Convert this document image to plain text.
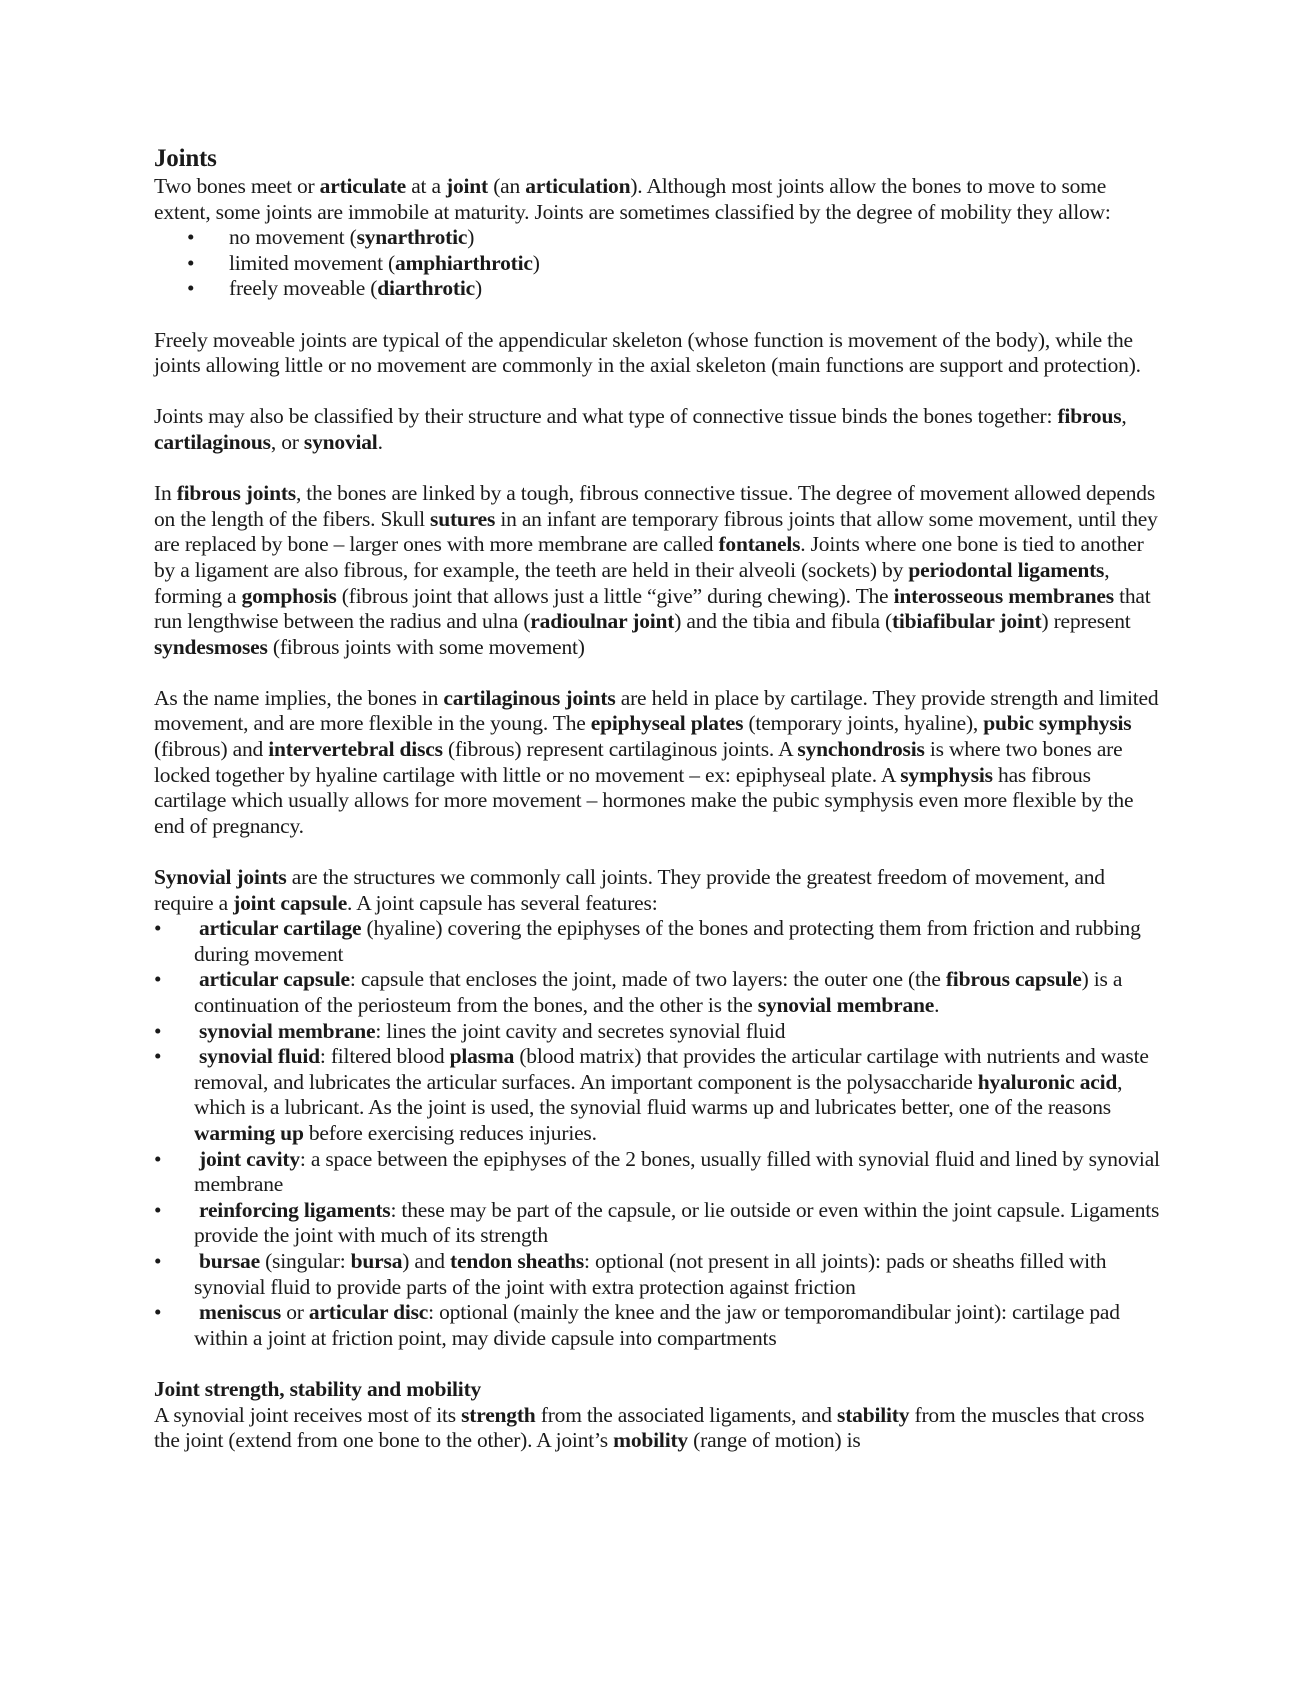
Joints

Two bones meet or articulate at a joint (an articulation). Although most joints allow the bones to move to some extent, some joints are immobile at maturity. Joints are sometimes classified by the degree of mobility they allow:

• no movement (synarthrotic)
• limited movement (amphiarthrotic)
• freely moveable (diarthrotic)

Freely moveable joints are typical of the appendicular skeleton (whose function is movement of the body), while the joints allowing little or no movement are commonly in the axial skeleton (main functions are support and protection).

Joints may also be classified by their structure and what type of connective tissue binds the bones together: fibrous, cartilaginous, or synovial.

In fibrous joints, the bones are linked by a tough, fibrous connective tissue. The degree of movement allowed depends on the length of the fibers. Skull sutures in an infant are temporary fibrous joints that allow some movement, until they are replaced by bone – larger ones with more membrane are called fontanels. Joints where one bone is tied to another by a ligament are also fibrous, for example, the teeth are held in their alveoli (sockets) by periodontal ligaments, forming a gomphosis (fibrous joint that allows just a little “give” during chewing). The interosseous membranes that run lengthwise between the radius and ulna (radioulnar joint) and the tibia and fibula (tibiafibular joint) represent syndesmoses (fibrous joints with some movement)

As the name implies, the bones in cartilaginous joints are held in place by cartilage. They provide strength and limited movement, and are more flexible in the young. The epiphyseal plates (temporary joints, hyaline), pubic symphysis (fibrous) and intervertebral discs (fibrous) represent cartilaginous joints. A synchondrosis is where two bones are locked together by hyaline cartilage with little or no movement – ex: epiphyseal plate. A symphysis has fibrous cartilage which usually allows for more movement – hormones make the pubic symphysis even more flexible by the end of pregnancy.

Synovial joints are the structures we commonly call joints. They provide the greatest freedom of movement, and require a joint capsule. A joint capsule has several features:

• articular cartilage (hyaline) covering the epiphyses of the bones and protecting them from friction and rubbing during movement
• articular capsule: capsule that encloses the joint, made of two layers: the outer one (the fibrous capsule) is a continuation of the periosteum from the bones, and the other is the synovial membrane.
• synovial membrane: lines the joint cavity and secretes synovial fluid
• synovial fluid: filtered blood plasma (blood matrix) that provides the articular cartilage with nutrients and waste removal, and lubricates the articular surfaces. An important component is the polysaccharide hyaluronic acid, which is a lubricant. As the joint is used, the synovial fluid warms up and lubricates better, one of the reasons warming up before exercising reduces injuries.
• joint cavity: a space between the epiphyses of the 2 bones, usually filled with synovial fluid and lined by synovial membrane
• reinforcing ligaments: these may be part of the capsule, or lie outside or even within the joint capsule. Ligaments provide the joint with much of its strength
• bursae (singular: bursa) and tendon sheaths: optional (not present in all joints): pads or sheaths filled with synovial fluid to provide parts of the joint with extra protection against friction
• meniscus or articular disc: optional (mainly the knee and the jaw or temporomandibular joint): cartilage pad within a joint at friction point, may divide capsule into compartments
Joint strength, stability and mobility

A synovial joint receives most of its strength from the associated ligaments, and stability from the muscles that cross the joint (extend from one bone to the other). A joint’s mobility (range of motion) is
